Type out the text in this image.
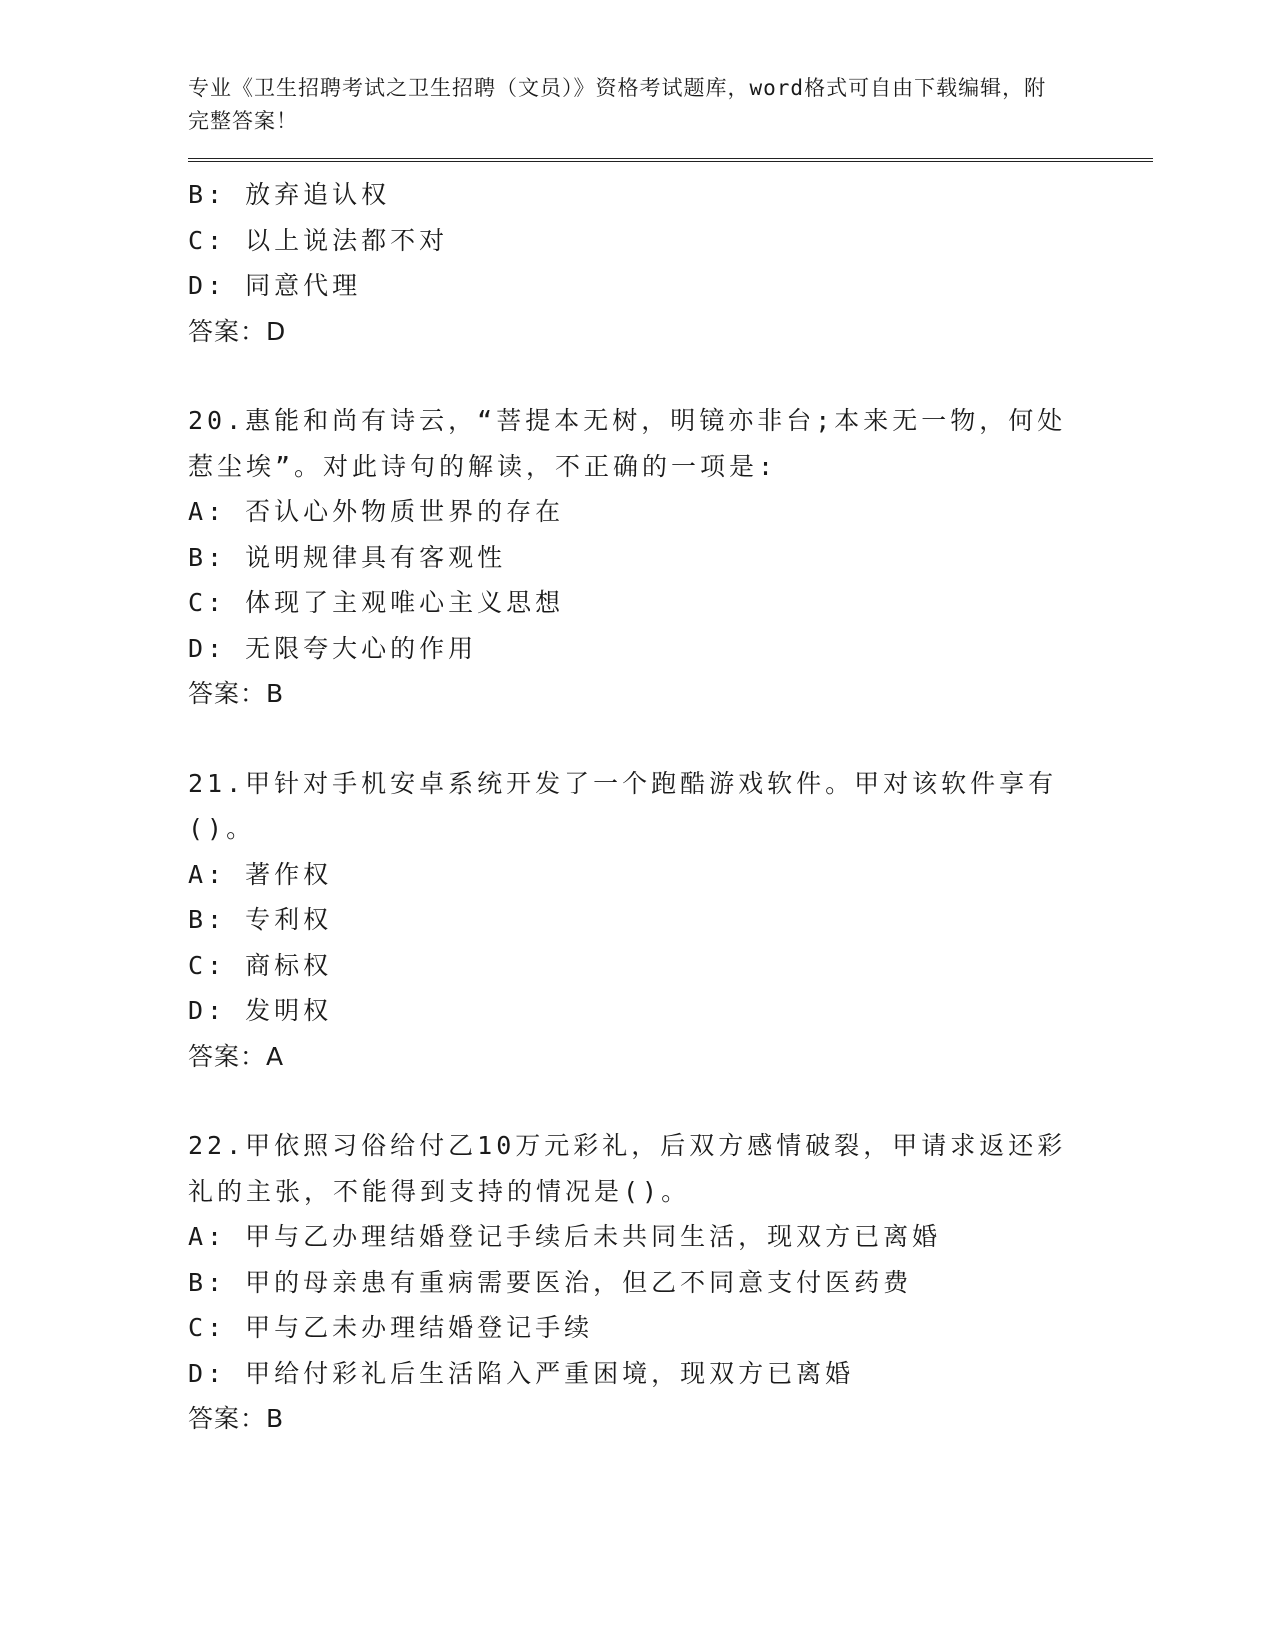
专业《卫生招聘考试之卫生招聘（文员）》资格考试题库，word格式可自由下载编辑，附完整答案！
B: 放弃追认权
C: 以上说法都不对
D: 同意代理
答案：D
20.惠能和尚有诗云，“菩提本无树，明镜亦非台;本来无一物，何处惹尘埃”。对此诗句的解读，不正确的一项是:
A: 否认心外物质世界的存在
B: 说明规律具有客观性
C: 体现了主观唯心主义思想
D: 无限夸大心的作用
答案：B
21.甲针对手机安卓系统开发了一个跑酷游戏软件。甲对该软件享有()。
A: 著作权
B: 专利权
C: 商标权
D: 发明权
答案：A
22.甲依照习俗给付乙10万元彩礼，后双方感情破裂，甲请求返还彩礼的主张，不能得到支持的情况是()。
A: 甲与乙办理结婚登记手续后未共同生活，现双方已离婚
B: 甲的母亲患有重病需要医治，但乙不同意支付医药费
C: 甲与乙未办理结婚登记手续
D: 甲给付彩礼后生活陷入严重困境，现双方已离婚
答案：B
